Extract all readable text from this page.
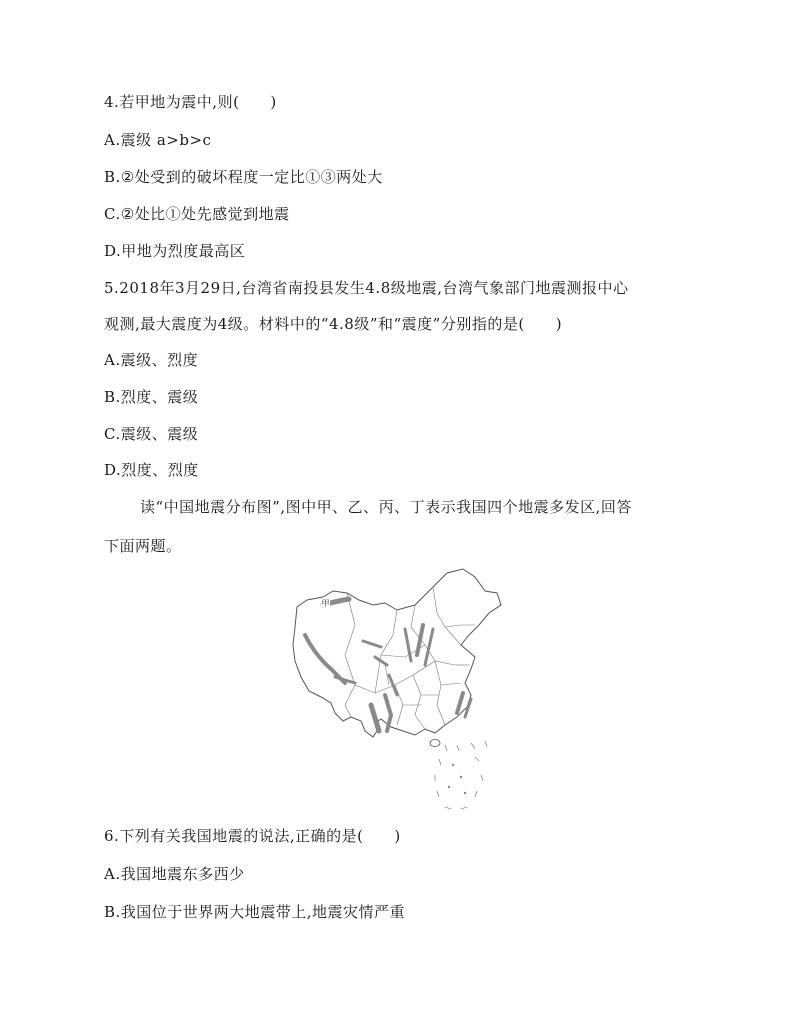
4.若甲地为震中,则(　　)
A.震级 a>b>c
B.②处受到的破坏程度一定比①③两处大
C.②处比①处先感觉到地震
D.甲地为烈度最高区
5.2018年3月29日,台湾省南投县发生4.8级地震,台湾气象部门地震测报中心
观测,最大震度为4级。材料中的“4.8级”和“震度”分别指的是(　　)
A.震级、烈度
B.烈度、震级
C.震级、震级
D.烈度、烈度
读“中国地震分布图”,图中甲、乙、丙、丁表示我国四个地震多发区,回答
下面两题。
甲
6.下列有关我国地震的说法,正确的是(　　)
A.我国地震东多西少
B.我国位于世界两大地震带上,地震灾情严重
